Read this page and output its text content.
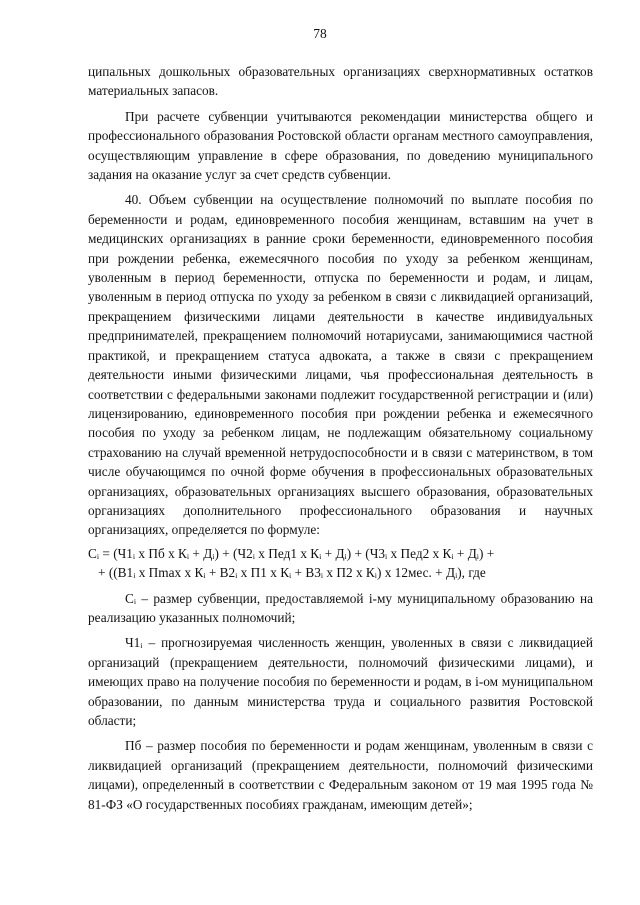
78

ципальных дошкольных образовательных организациях сверхнормативных остатков материальных запасов.

При расчете субвенции учитываются рекомендации министерства общего и профессионального образования Ростовской области органам местного самоуправления, осуществляющим управление в сфере образования, по доведению муниципального задания на оказание услуг за счет средств субвенции.

40. Объем субвенции на осуществление полномочий по выплате пособия по беременности и родам, единовременного пособия женщинам, вставшим на учет в медицинских организациях в ранние сроки беременности, единовременного пособия при рождении ребенка, ежемесячного пособия по уходу за ребенком женщинам, уволенным в период беременности, отпуска по беременности и родам, и лицам, уволенным в период отпуска по уходу за ребенком в связи с ликвидацией организаций, прекращением физическими лицами деятельности в качестве индивидуальных предпринимателей, прекращением полномочий нотариусами, занимающимися частной практикой, и прекращением статуса адвоката, а также в связи с прекращением деятельности иными физическими лицами, чья профессиональная деятельность в соответствии с федеральными законами подлежит государственной регистрации и (или) лицензированию, единовременного пособия при рождении ребенка и ежемесячного пособия по уходу за ребенком лицам, не подлежащим обязательному социальному страхованию на случай временной нетрудоспособности и в связи с материнством, в том числе обучающимся по очной форме обучения в профессиональных образовательных организациях, образовательных организациях высшего образования, образовательных организациях дополнительного профессионального образования и научных организациях, определяется по формуле:

Cᵢ = (Ч1ᵢ х Пб х Кᵢ + Дᵢ) + (Ч2ᵢ х Пед1 х Кᵢ + Дᵢ) + (Ч3ᵢ х Пед2 х Кᵢ + Дᵢ) +
+ ((В1ᵢ х Пmax х Кᵢ + В2ᵢ х П1 х Кᵢ + В3ᵢ х П2 х Кᵢ) х 12мес. + Дᵢ), где

Cᵢ – размер субвенции, предоставляемой i-му муниципальному образованию на реализацию указанных полномочий;

Ч1ᵢ – прогнозируемая численность женщин, уволенных в связи с ликвидацией организаций (прекращением деятельности, полномочий физическими лицами), и имеющих право на получение пособия по беременности и родам, в i-ом муниципальном образовании, по данным министерства труда и социального развития Ростовской области;

Пб – размер пособия по беременности и родам женщинам, уволенным в связи с ликвидацией организаций (прекращением деятельности, полномочий физическими лицами), определенный в соответствии с Федеральным законом от 19 мая 1995 года № 81-ФЗ «О государственных пособиях гражданам, имеющим детей»;
